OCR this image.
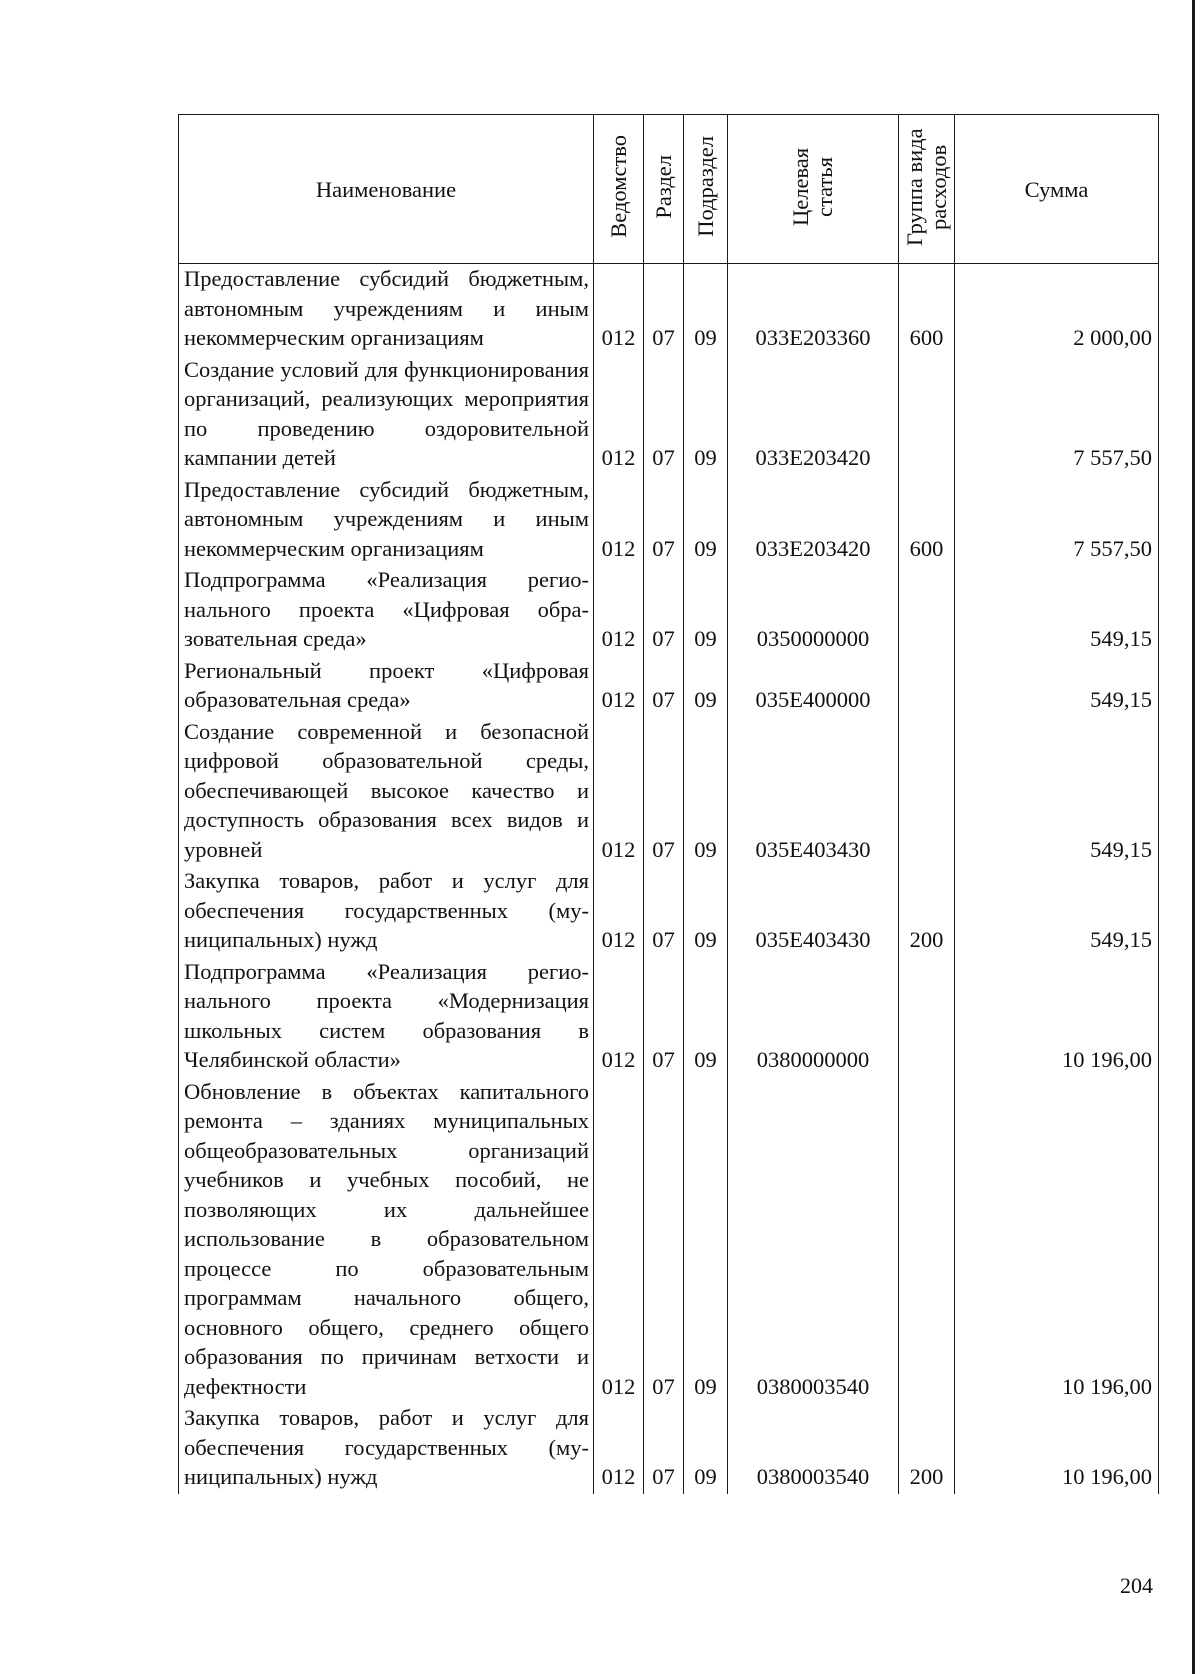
Наименование	Ведомство	Раздел	Подраздел	Целевая статья	Группа вида расходов	Сумма
Предоставление субсидий бюджетным, автономным учреждениям и иным некоммерческим организациям	012	07	09	033E203360	600	2 000,00
Создание условий для функционирования организаций, реализующих мероприятия по проведению оздоровительной кампании детей	012	07	09	033E203420		7 557,50
Предоставление субсидий бюджетным, автономным учреждениям и иным некоммерческим организациям	012	07	09	033E203420	600	7 557,50
Подпрограмма «Реализация регионального проекта «Цифровая образовательная среда»	012	07	09	0350000000		549,15
Региональный проект «Цифровая образовательная среда»	012	07	09	035E400000		549,15
Создание современной и безопасной цифровой образовательной среды, обеспечивающей высокое качество и доступность образования всех видов и уровней	012	07	09	035E403430		549,15
Закупка товаров, работ и услуг для обеспечения государственных (муниципальных) нужд	012	07	09	035E403430	200	549,15
Подпрограмма «Реализация регионального проекта «Модернизация школьных систем образования в Челябинской области»	012	07	09	0380000000		10 196,00
Обновление в объектах капитального ремонта – зданиях муниципальных общеобразовательных организаций учебников и учебных пособий, не позволяющих их дальнейшее использование в образовательном процессе по образовательным программам начального общего, основного общего, среднего общего образования по причинам ветхости и дефектности	012	07	09	0380003540		10 196,00
Закупка товаров, работ и услуг для обеспечения государственных (муниципальных) нужд	012	07	09	0380003540	200	10 196,00
204
